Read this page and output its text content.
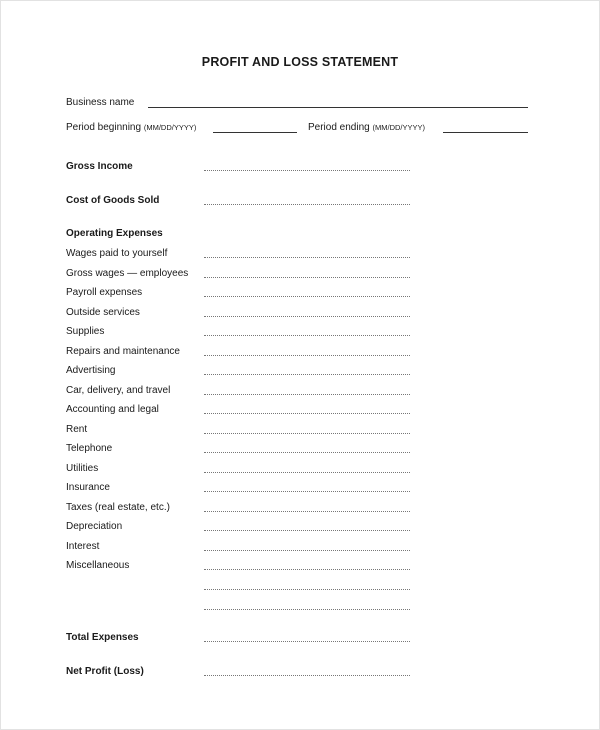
PROFIT AND LOSS STATEMENT
Business name
Period beginning (MM/DD/YYYY)	Period ending (MM/DD/YYYY)
Gross Income
Cost of Goods Sold
Operating Expenses
Wages paid to yourself
Gross wages — employees
Payroll expenses
Outside services
Supplies
Repairs and maintenance
Advertising
Car, delivery, and travel
Accounting and legal
Rent
Telephone
Utilities
Insurance
Taxes (real estate, etc.)
Depreciation
Interest
Miscellaneous
Total Expenses
Net Profit (Loss)
